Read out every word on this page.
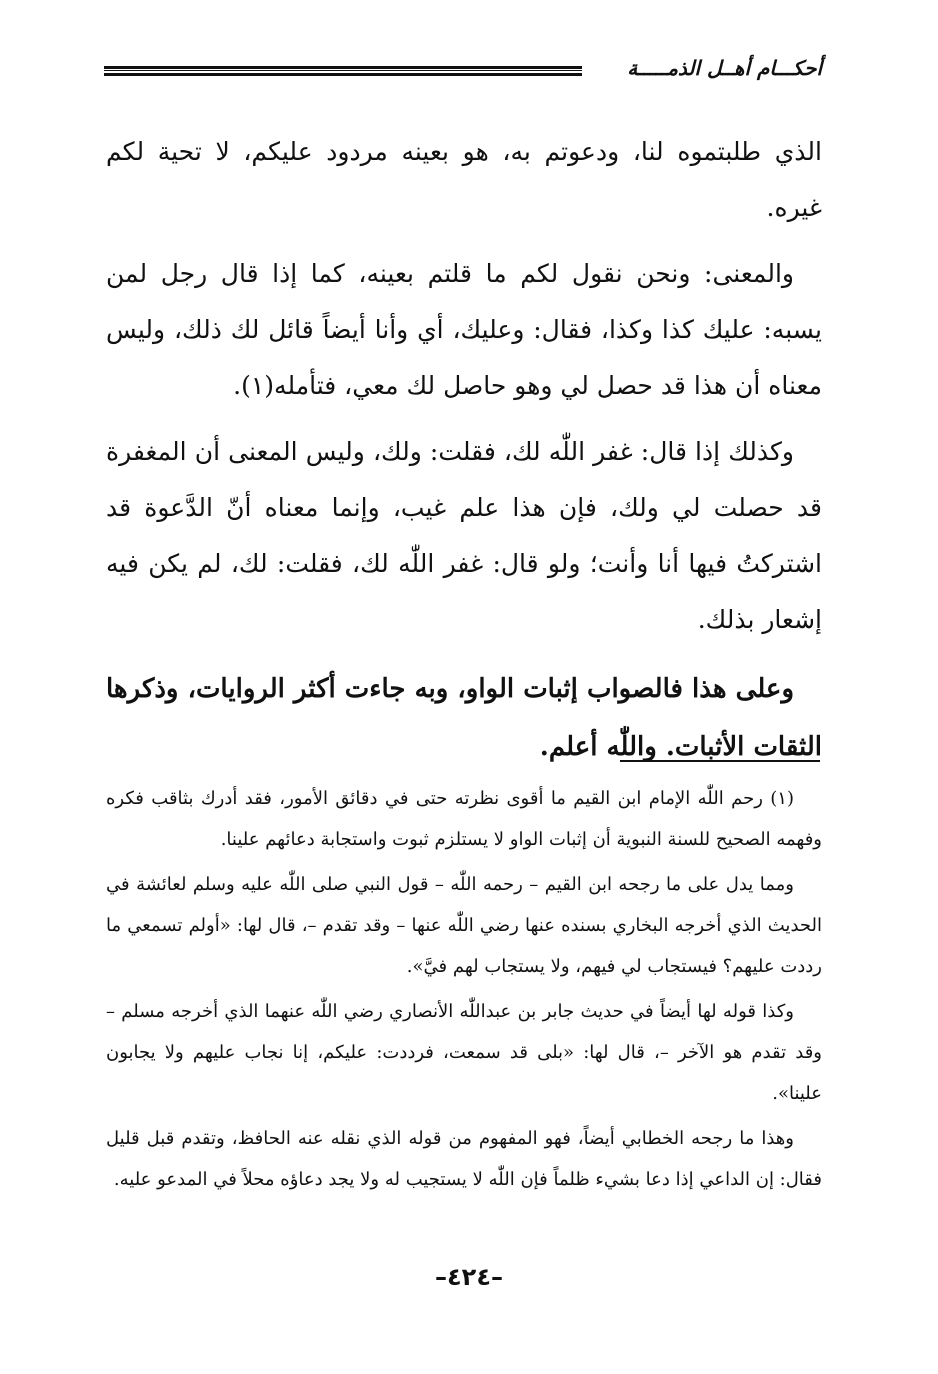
أحكـــام أهــل الذمـــــة

الذي طلبتموه لنا، ودعوتم به، هو بعينه مردود عليكم، لا تحية لكم غيره.

والمعنى: ونحن نقول لكم ما قلتم بعينه، كما إذا قال رجل لمن يسبه: عليك كذا وكذا، فقال: وعليك، أي وأنا أيضاً قائل لك ذلك، وليس معناه أن هذا قد حصل لي وهو حاصل لك معي، فتأمله(١).

وكذلك إذا قال: غفر اللّٰه لك، فقلت: ولك، وليس المعنى أن المغفرة قد حصلت لي ولك، فإن هذا علم غيب، وإنما معناه أنّ الدَّعوة قد اشتركتُ فيها أنا وأنت؛ ولو قال: غفر اللّٰه لك، فقلت: لك، لم يكن فيه إشعار بذلك.

وعلى هذا فالصواب إثبات الواو، وبه جاءت أكثر الروايات، وذكرها الثقات الأثبات. واللّٰه أعلم.

(١) رحم اللّٰه الإمام ابن القيم ما أقوى نظرته حتى في دقائق الأمور، فقد أدرك بثاقب فكره وفهمه الصحيح للسنة النبوية أن إثبات الواو لا يستلزم ثبوت واستجابة دعائهم علينا.

ومما يدل على ما رجحه ابن القيم – رحمه اللّٰه – قول النبي صلى اللّٰه عليه وسلم لعائشة في الحديث الذي أخرجه البخاري بسنده عنها رضي اللّٰه عنها – وقد تقدم –، قال لها: «أولم تسمعي ما رددت عليهم؟ فيستجاب لي فيهم، ولا يستجاب لهم فيَّ».

وكذا قوله لها أيضاً في حديث جابر بن عبداللّٰه الأنصاري رضي اللّٰه عنهما الذي أخرجه مسلم – وقد تقدم هو الآخر –، قال لها: «بلى قد سمعت، فرددت: عليكم، إنا نجاب عليهم ولا يجابون علينا».

وهذا ما رجحه الخطابي أيضاً، فهو المفهوم من قوله الذي نقله عنه الحافظ، وتقدم قبل قليل فقال: إن الداعي إذا دعا بشيء ظلماً فإن اللّٰه لا يستجيب له ولا يجد دعاؤه محلاً في المدعو عليه.

–٤٢٤–
